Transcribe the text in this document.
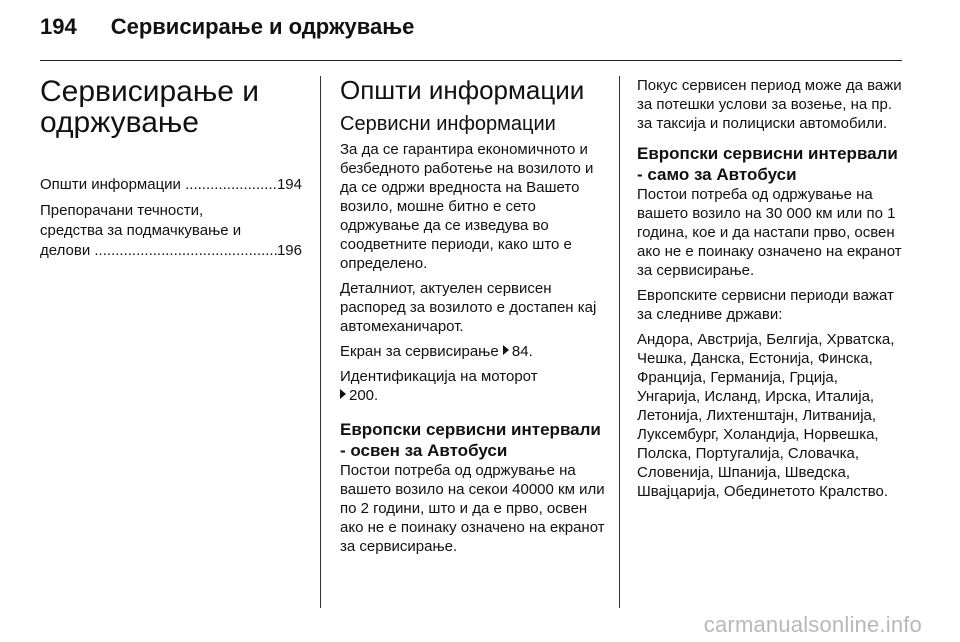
194 Сервисирање и одржување
Сервисирање и
одржување
Општи информации .....	194
Препорачани течности,
средства за подмачкување и
делови .....	196
Општи информации
Сервисни информации

За да се гарантира економичното и безбедното работење на возилото и да се одржи вредноста на Вашето возило, мошне битно е сето одржување да се изведува во соодветните периоди, како што е определено.

Деталниот, актуелен сервисен распоред за возилото е достапен кај автомеханичарот.

Екран за сервисирање 84.

Идентификација на моторот
200.

Европски сервисни интервали - освен за Автобуси

Постои потреба од одржување на вашето возило на секои 40000 км или по 2 години, што и да е прво, освен ако не е поинаку означено на екранот за сервисирање.

Покус сервисен период може да важи за потешки услови за возење, на пр. за таксија и полициски автомобили.

Европски сервисни интервали - само за Автобуси

Постои потреба од одржување на вашето возило на 30 000 км или по 1 година, кое и да настапи прво, освен ако не е поинаку означено на екранот за сервисирање.

Европските сервисни периоди важат за следниве држави:

Андора, Австрија, Белгија, Хрватска, Чешка, Данска, Естонија, Финска, Франција, Германија, Грција, Унгарија, Исланд, Ирска, Италија, Летонија, Лихтенштајн, Литванија, Луксембург, Холандија, Норвешка, Полска, Португалија, Словачка, Словенија, Шпанија, Шведска, Швајцарија, Обединетото Кралство.

carmanualsonline.info
